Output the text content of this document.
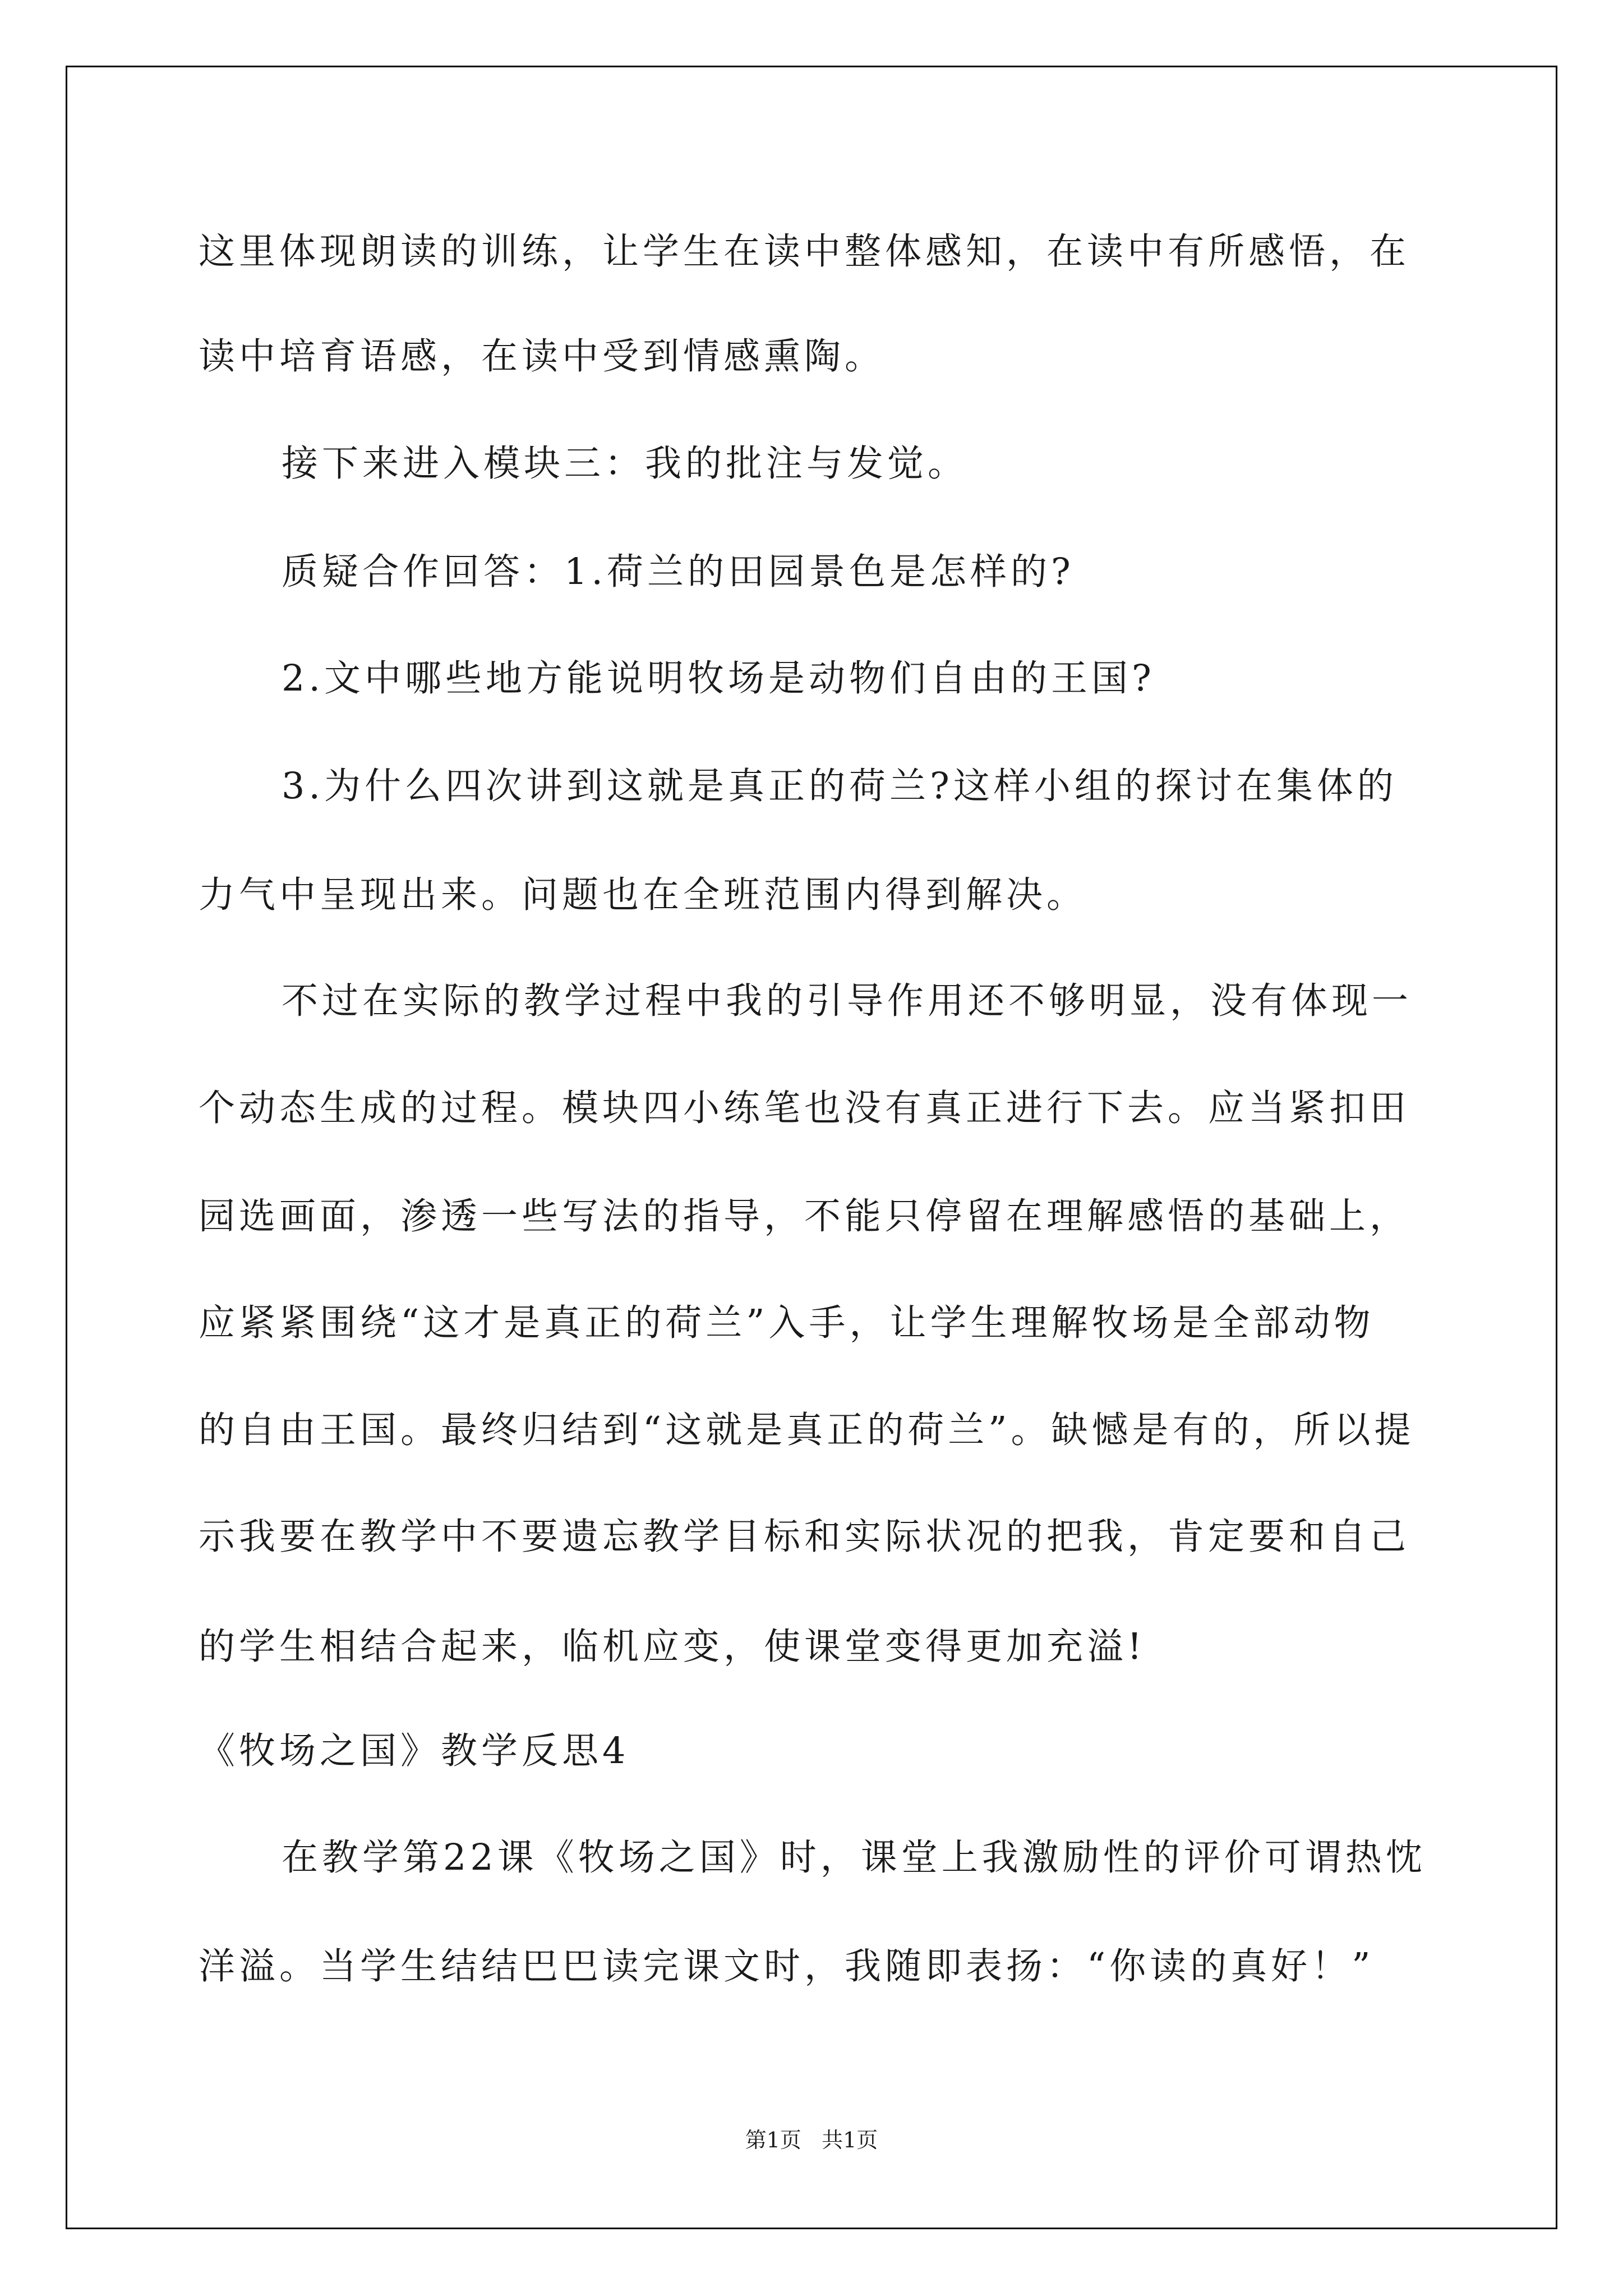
这里体现朗读的训练，让学生在读中整体感知，在读中有所感悟，在
读中培育语感，在读中受到情感熏陶。
接下来进入模块三：我的批注与发觉。
质疑合作回答：1.荷兰的田园景色是怎样的?
2.文中哪些地方能说明牧场是动物们自由的王国?
3.为什么四次讲到这就是真正的荷兰?这样小组的探讨在集体的
力气中呈现出来。问题也在全班范围内得到解决。
不过在实际的教学过程中我的引导作用还不够明显，没有体现一
个动态生成的过程。模块四小练笔也没有真正进行下去。应当紧扣田
园选画面，渗透一些写法的指导，不能只停留在理解感悟的基础上，
应紧紧围绕“这才是真正的荷兰”入手，让学生理解牧场是全部动物
的自由王国。最终归结到“这就是真正的荷兰”。缺憾是有的，所以提
示我要在教学中不要遗忘教学目标和实际状况的把我，肯定要和自己
的学生相结合起来，临机应变，使课堂变得更加充溢!
《牧场之国》教学反思4
在教学第22课《牧场之国》时，课堂上我激励性的评价可谓热忱
洋溢。当学生结结巴巴读完课文时，我随即表扬：“你读的真好！”
第1页   共1页
